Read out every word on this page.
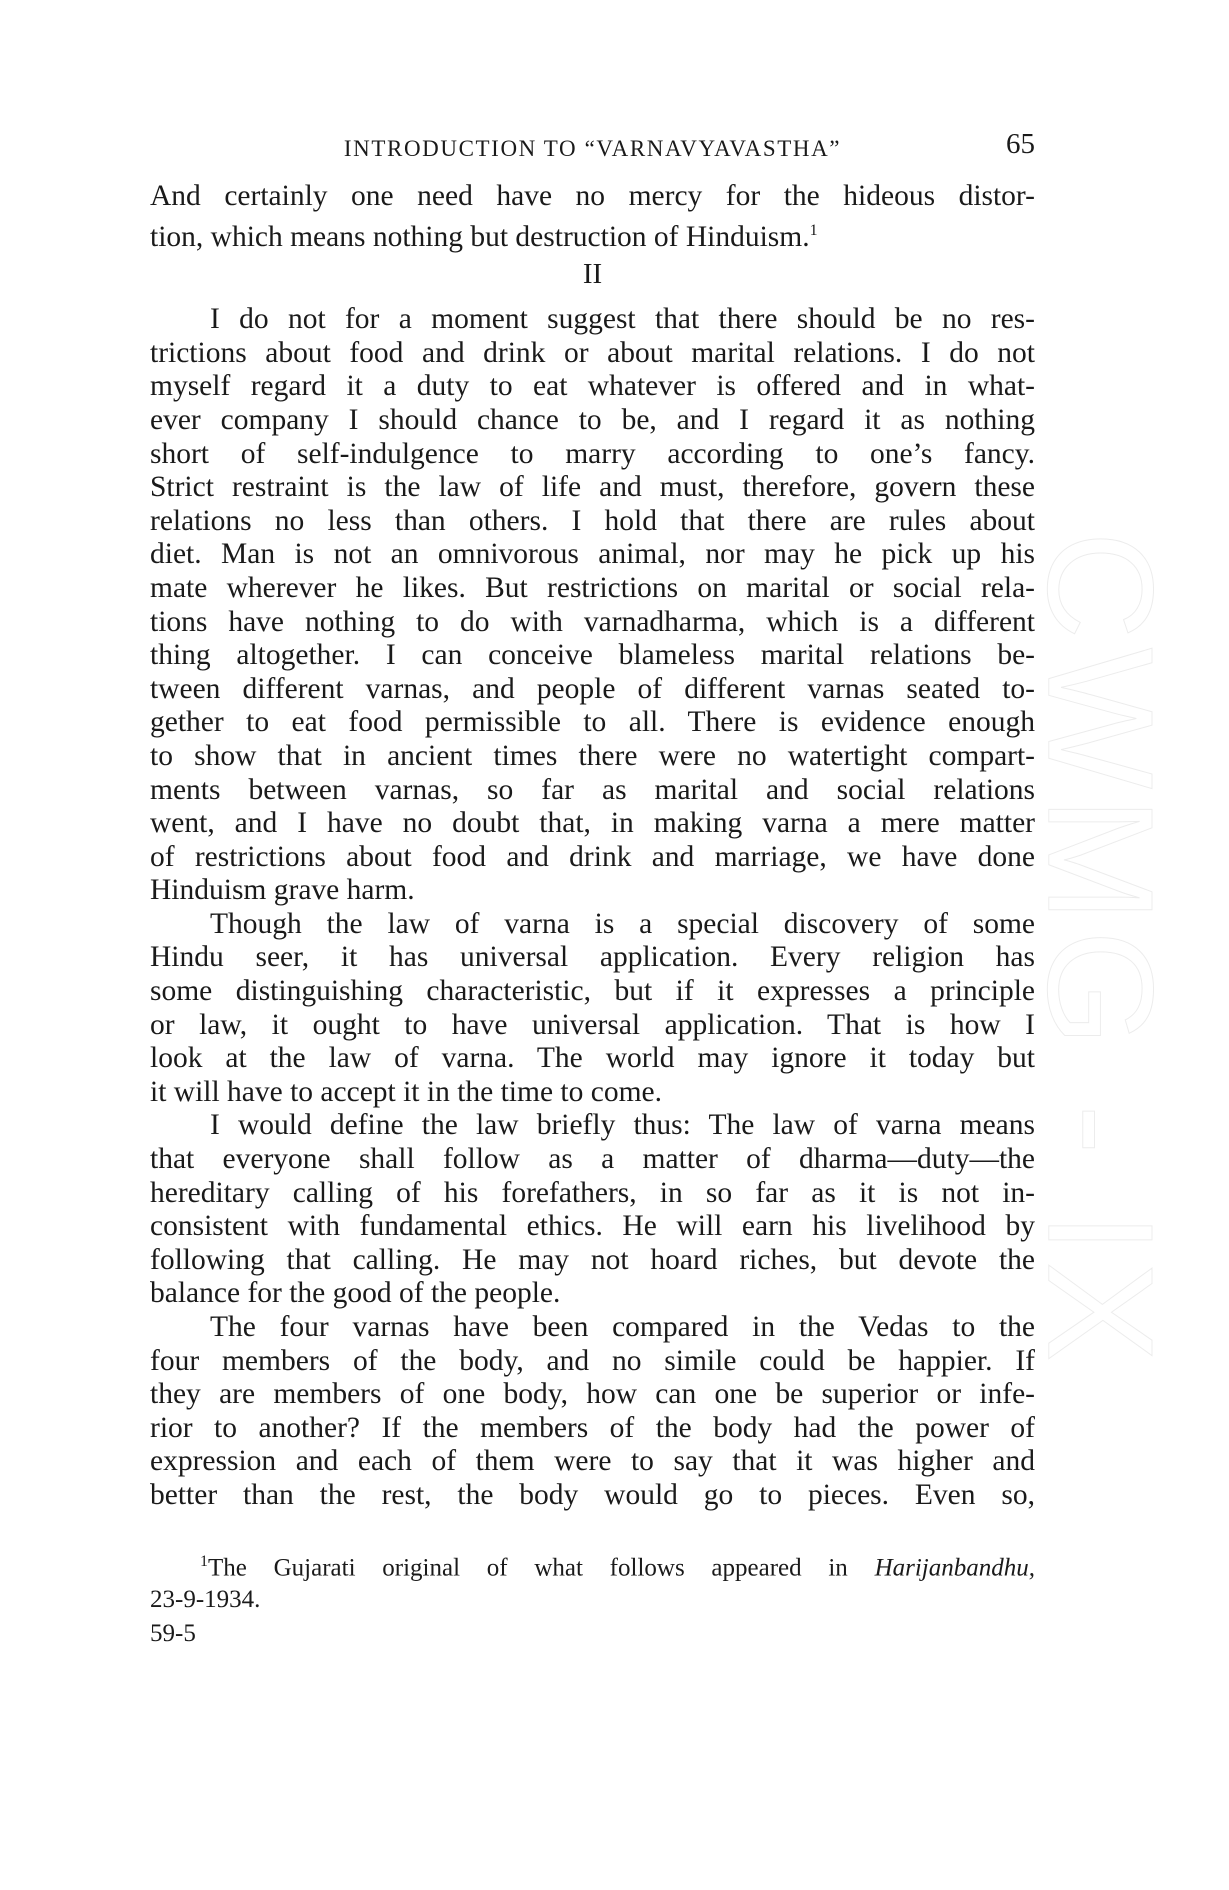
CWMG - IX
INTRODUCTION TO “VARNAVYAVASTHA”	65
And certainly one need have no mercy for the hideous distor-
tion, which means nothing but destruction of Hinduism.$^1$
II
I do not for a moment suggest that there should be no res-
trictions about food and drink or about marital relations. I do not
myself regard it a duty to eat whatever is offered and in what-
ever company I should chance to be, and I regard it as nothing
short of self-indulgence to marry according to one’s fancy.
Strict restraint is the law of life and must, therefore, govern these
relations no less than others. I hold that there are rules about
diet. Man is not an omnivorous animal, nor may he pick up his
mate wherever he likes. But restrictions on marital or social rela-
tions have nothing to do with varnadharma, which is a different
thing altogether. I can conceive blameless marital relations be-
tween different varnas, and people of different varnas seated to-
gether to eat food permissible to all. There is evidence enough
to show that in ancient times there were no watertight compart-
ments between varnas, so far as marital and social relations
went, and I have no doubt that, in making varna a mere matter
of restrictions about food and drink and marriage, we have done
Hinduism grave harm.
Though the law of varna is a special discovery of some
Hindu seer, it has universal application. Every religion has
some distinguishing characteristic, but if it expresses a principle
or law, it ought to have universal application. That is how I
look at the law of varna. The world may ignore it today but
it will have to accept it in the time to come.
I would define the law briefly thus: The law of varna means
that everyone shall follow as a matter of dharma—duty—the
hereditary calling of his forefathers, in so far as it is not in-
consistent with fundamental ethics. He will earn his livelihood by
following that calling. He may not hoard riches, but devote the
balance for the good of the people.
The four varnas have been compared in the Vedas to the
four members of the body, and no simile could be happier. If
they are members of one body, how can one be superior or infe-
rior to another? If the members of the body had the power of
expression and each of them were to say that it was higher and
better than the rest, the body would go to pieces. Even so,
$^1$The Gujarati original of what follows appeared in Harijanbandhu,
23-9-1934.
59-5
